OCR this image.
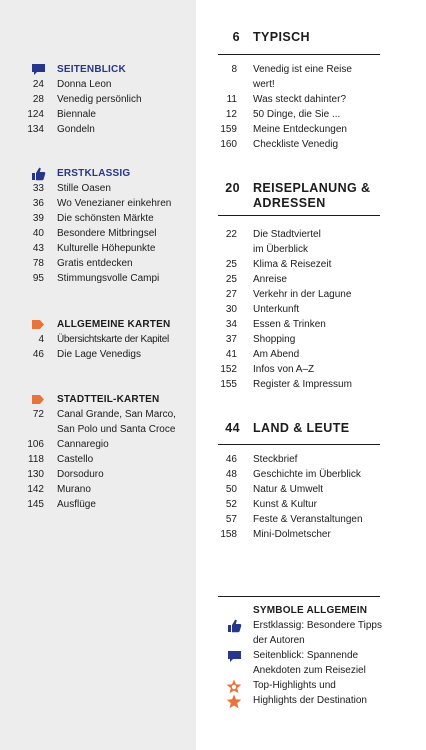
SEITENBLICK
24 Donna Leon
28 Venedig persönlich
124 Biennale
134 Gondeln
ERSTKLASSIG
33 Stille Oasen
36 Wo Venezianer einkehren
39 Die schönsten Märkte
40 Besondere Mitbringsel
43 Kulturelle Höhepunkte
78 Gratis entdecken
95 Stimmungsvolle Campi
ALLGEMEINE KARTEN
4 Übersichtskarte der Kapitel
46 Die Lage Venedigs
STADTTEIL-KARTEN
72 Canal Grande, San Marco,
San Polo und Santa Croce
106 Cannaregio
118 Castello
130 Dorsoduro
142 Murano
145 Ausflüge
6 TYPISCH
8 Venedig ist eine Reise
wert!
11 Was steckt dahinter?
12 50 Dinge, die Sie ...
159 Meine Entdeckungen
160 Checkliste Venedig
20 REISEPLANUNG &
ADRESSEN
22 Die Stadtviertel
im Überblick
25 Klima & Reisezeit
25 Anreise
27 Verkehr in der Lagune
30 Unterkunft
34 Essen & Trinken
37 Shopping
41 Am Abend
152 Infos von A–Z
155 Register & Impressum
44 LAND & LEUTE
46 Steckbrief
48 Geschichte im Überblick
50 Natur & Umwelt
52 Kunst & Kultur
57 Feste & Veranstaltungen
158 Mini-Dolmetscher
SYMBOLE ALLGEMEIN
Erstklassig: Besondere Tipps
der Autoren
Seitenblick: Spannende
Anekdoten zum Reiseziel
Top-Highlights und
Highlights der Destination
